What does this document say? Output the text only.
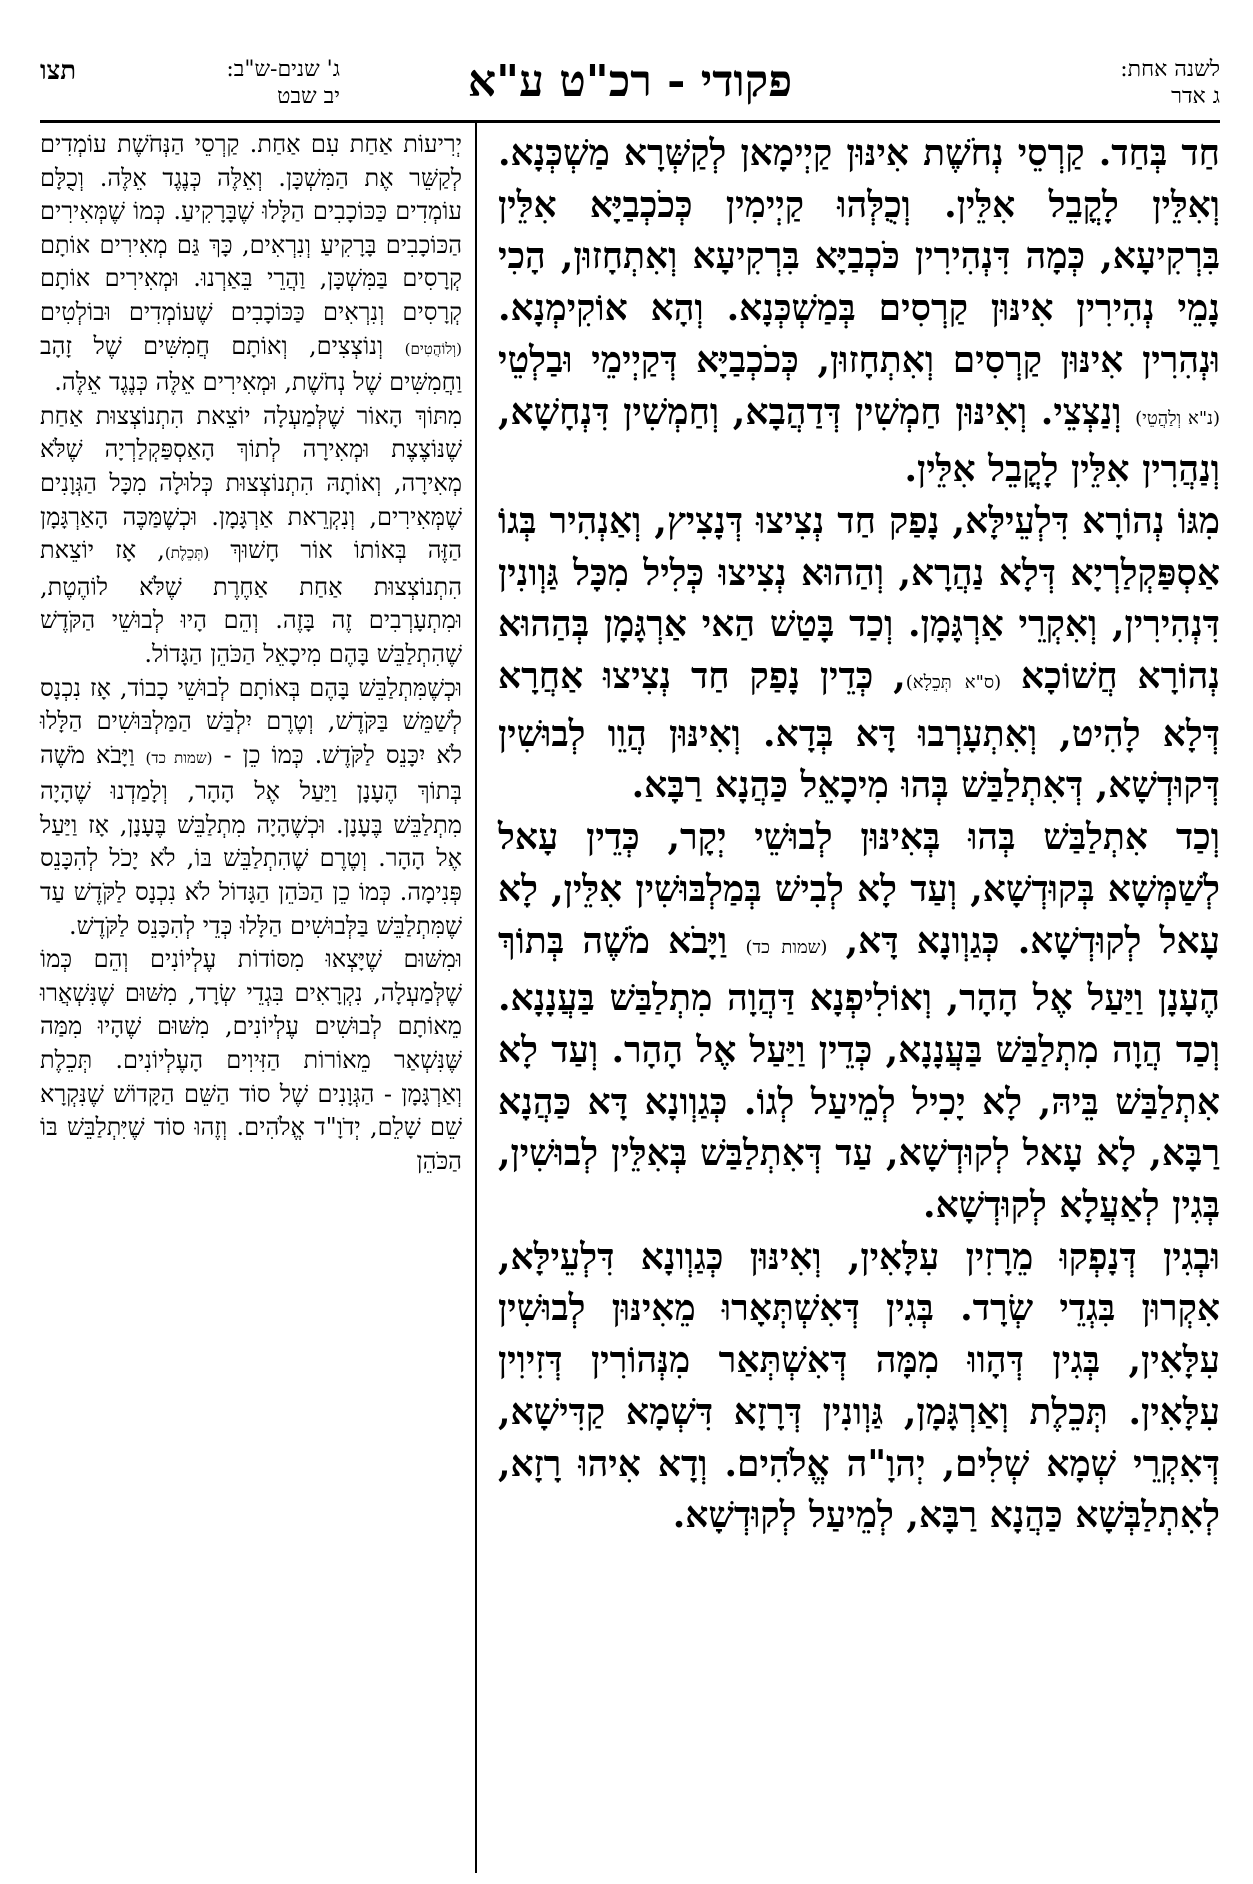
לשנה אחת:
ג אדר
פקודי - רכ"ט ע"א
ג' שנים-ש"ב:
יב שבט
תצו

חַד בְּחַד. קַרְסֵי נְחֹשֶׁת אִינּוּן קַיְימָאן לְקַשְּׁרָא מַשְׁכְּנָא. וְאִלֵּין לָקֳבֵל אִלֵּין. וְכֻלְּהוּ קַיְימִין כְּכֹכְבַיָּא אִלֵּין בִּרְקִיעָא, כְּמָה דִּנְהִירִין כֹּכְבַיָּא בִּרְקִיעָא וְאִתְחָזוּן, הָכִי נָמֵי נְהִירִין אִינּוּן קַרְסִים בְּמַשְׁכְּנָא. וְהָא אוֹקִימְנָא. וּנְהִרִין אִינּוּן קַרְסִים וְאִתְחָזוּן, כְּכֹכְבַיָּא דְּקַיְימֵי וּבַלְטֵי (נ"א וְלַהֲטֵי) וְנַצְצֵי. וְאִינּוּן חַמְשִׁין דְּדַהֲבָא, וְחַמְשִׁין דִּנְחָשָׁא, וְנַהֲרִין אִלֵּין לָקֳבֵל אִלֵּין.

מִגּוֹ נְהוֹרָא דִּלְעֵילָּא, נָפַק חַד נְצִיצוּ דְּנָצִיץ, וְאַנְהִיר בְּגוֹ אַסְפַּקְלַרְיָא דְּלָא נַהֲרָא, וְהַהוּא נְצִיצוּ כְּלִיל מִכָּל גַּוְונִין דִּנְהִירִין, וְאִקְרֵי אַרְגָּמָן. וְכַד בָּטַשׁ הַאי אַרְגָּמָן בְּהַהוּא נְהוֹרָא חֲשׁוֹכָא (ס"א תְּכֵלָא), כְּדֵין נָפַק חַד נְצִיצוּ אַחֲרָא דְּלָא לָהִיט, וְאִתְעָרְבוּ דָּא בְּדָא. וְאִינּוּן הֲוֵו לְבוּשִׁין דְּקוּדְשָׁא, דְּאִתְלַבַּשׁ בְּהוּ מִיכָאֵל כַּהֲנָא רַבָּא.

וְכַד אִתְלַבַּשׁ בְּהוּ בְּאִינּוּן לְבוּשֵׁי יְקָר, כְּדֵין עָאל לְשַׁמְּשָׁא בְּקוּדְשָׁא, וְעַד לָא לְבִישׁ בְּמַלְבּוּשִׁין אִלֵּין, לָא עָאל לְקוּדְשָׁא. כְּגַוְונָא דָּא, (שמות כד) וַיָּבֹא מֹשֶׁה בְּתוֹךְ הֶעָנָן וַיַּעַל אֶל הָהָר, וְאוֹלִיפְנָא דַּהֲוָה מִתְלַבַּשׁ בַּעֲנָנָא. וְכַד הֲוָה מִתְלַבַּשׁ בַּעֲנָנָא, כְּדֵין וַיַּעַל אֶל הָהָר. וְעַד לָא אִתְלַבַּשׁ בֵּיהּ, לָא יָכִיל לְמֵיעַל לְגוֹ. כְּגַוְונָא דָּא כַּהֲנָא רַבָּא, לָא עָאל לְקוּדְשָׁא, עַד דְּאִתְלַבַּשׁ בְּאִלֵּין לְבוּשִׁין, בְּגִין לְאַעֲלָא לְקוּדְשָׁא.

וּבְגִין דְּנָפְקוּ מֵרָזִין עִלָּאִין, וְאִינּוּן כְּגַוְונָא דִּלְעֵילָּא, אִקְרוּן בִּגְדֵי שְׂרָד. בְּגִין דְּאִשְׁתְּאָרוּ מֵאִינּוּן לְבוּשִׁין עִלָּאִין, בְּגִין דְּהָווּ מִמָּה דְּאִשְׁתְּאַר מִנְּהוֹרִין דְּזִיוִין עִלָּאִין. תְּכֵלֶת וְאַרְגָּמָן, גַּוְונִין דְּרָזָא דִּשְׁמָא קַדִּישָׁא, דְּאִקְרֵי שְׁמָא שְׁלִים, יְהוָ"ה אֱלֹהִים. וְדָא אִיהוּ רָזָא, לְאִתְלַבְּשָׁא כַּהֲנָא רַבָּא, לְמֵיעַל לְקוּדְשָׁא.

יְרִיעוֹת אַחַת עִם אַחַת. קַרְסֵי הַנְּחֹשֶׁת עוֹמְדִים לְקַשֵּׁר אֶת הַמִּשְׁכָּן. וְאֵלֶּה כְּנֶגֶד אֵלֶּה. וְכֻלָּם עוֹמְדִים כַּכּוֹכָבִים הַלָּלוּ שֶׁבָּרָקִיעַ. כְּמוֹ שֶׁמְּאִירִים הַכּוֹכָבִים בָּרָקִיעַ וְנִרְאִים, כָּךְ גַּם מְאִירִים אוֹתָם קְרָסִים בַּמִּשְׁכָּן, וַהֲרֵי בֵּאַרְנוּ. וּמְאִירִים אוֹתָם קְרָסִים וְנִרְאִים כַּכּוֹכָבִים שֶׁעוֹמְדִים וּבוֹלְטִים (וְלוֹהֲטִים) וְנוֹצְצִים, וְאוֹתָם חֲמִשִּׁים שֶׁל זָהָב וַחֲמִשִּׁים שֶׁל נְחֹשֶׁת, וּמְאִירִים אֵלֶּה כְּנֶגֶד אֵלֶּה.

מִתּוֹךְ הָאוֹר שֶׁלְּמַעְלָה יוֹצֵאת הִתְנוֹצְצוּת אַחַת שֶׁנּוֹצֶצֶת וּמְאִירָה לְתוֹךְ הָאַסְפַּקְלַרְיָה שֶׁלֹּא מְאִירָה, וְאוֹתָהּ הִתְנוֹצְצוּת כְּלוּלָה מִכָּל הַגְּוָנִים שֶׁמְּאִירִים, וְנִקְרֵאת אַרְגָּמָן. וּכְשֶׁמַּכֶּה הָאַרְגָּמָן הַזֶּה בְּאוֹתוֹ אוֹר חָשׁוּךְ (תְּכֵלֶת), אָז יוֹצֵאת הִתְנוֹצְצוּת אַחַת אַחֶרֶת שֶׁלֹּא לוֹהֶטֶת, וּמִתְעָרְבִים זֶה בָּזֶה. וְהֵם הָיוּ לְבוּשֵׁי הַקֹּדֶשׁ שֶׁהִתְלַבֵּשׁ בָּהֶם מִיכָאֵל הַכֹּהֵן הַגָּדוֹל.

וּכְשֶׁמִּתְלַבֵּשׁ בָּהֶם בְּאוֹתָם לְבוּשֵׁי כָבוֹד, אָז נִכְנָס לְשַׁמֵּשׁ בַּקֹּדֶשׁ, וְטֶרֶם יִלְבַּשׁ הַמַּלְבּוּשִׁים הַלָּלוּ לֹא יִכָּנֵס לַקֹּדֶשׁ. כְּמוֹ כֵן - (שמות כד) וַיָּבֹא מֹשֶׁה בְּתוֹךְ הֶעָנָן וַיַּעַל אֶל הָהָר, וְלָמַדְנוּ שֶׁהָיָה מִתְלַבֵּשׁ בֶּעָנָן. וּכְשֶׁהָיָה מִתְלַבֵּשׁ בֶּעָנָן, אָז וַיַּעַל אֶל הָהָר. וְטֶרֶם שֶׁהִתְלַבֵּשׁ בּוֹ, לֹא יָכֹל לְהִכָּנֵס פְּנִימָה. כְּמוֹ כֵן הַכֹּהֵן הַגָּדוֹל לֹא נִכְנָס לַקֹּדֶשׁ עַד שֶׁמִּתְלַבֵּשׁ בַּלְּבוּשִׁים הַלָּלוּ כְּדֵי לְהִכָּנֵס לַקֹּדֶשׁ.

וּמִשּׁוּם שֶׁיָּצְאוּ מִסּוֹדוֹת עֶלְיוֹנִים וְהֵם כְּמוֹ שֶׁלְּמַעְלָה, נִקְרָאִים בִּגְדֵי שְׂרָד, מִשּׁוּם שֶׁנִּשְׁאֲרוּ מֵאוֹתָם לְבוּשִׁים עֶלְיוֹנִים, מִשּׁוּם שֶׁהָיוּ מִמַּה שֶּׁנִּשְׁאַר מֵאוֹרוֹת הַזִּיוִים הָעֶלְיוֹנִים. תְּכֵלֶת וְאַרְגָּמָן - הַגְּוָנִים שֶׁל סוֹד הַשֵּׁם הַקָּדוֹשׁ שֶׁנִּקְרָא שֵׁם שָׁלֵם, יְדֹוָ"ד אֱלֹהִים. וְזֶהוּ סוֹד שֶׁיִּתְלַבֵּשׁ בּוֹ הַכֹּהֵן
